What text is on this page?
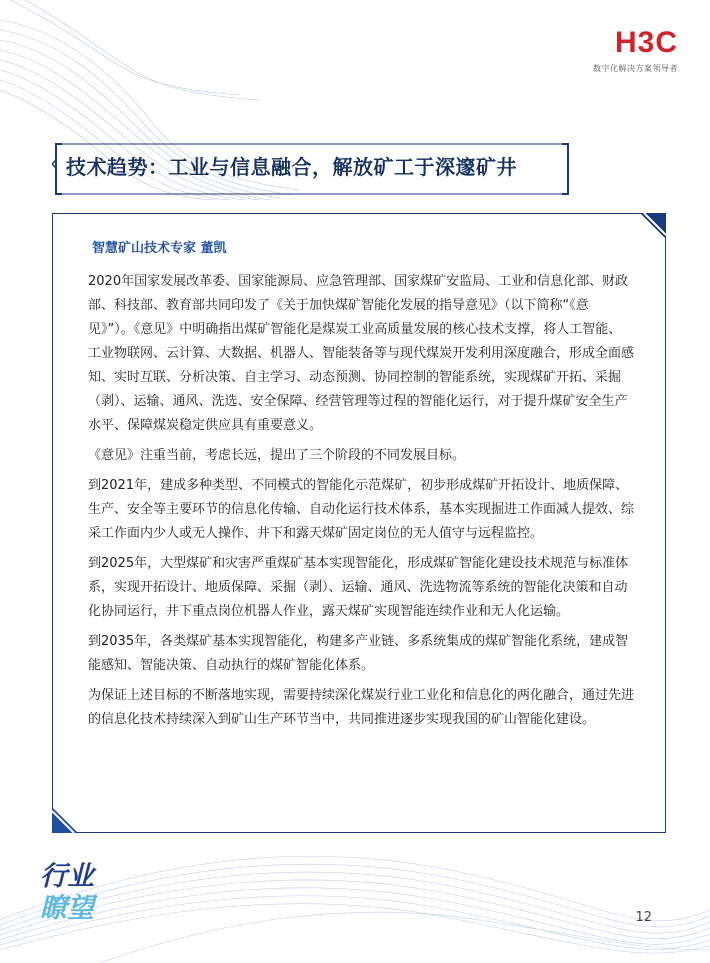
H3C
数字化解决方案领导者
技术趋势：工业与信息融合，解放矿工于深邃矿井
智慧矿山技术专家 董凯

2020年国家发展改革委、国家能源局、应急管理部、国家煤矿安监局、工业和信息化部、财政部、科技部、教育部共同印发了《关于加快煤矿智能化发展的指导意见》（以下简称“《意见》”）。《意见》中明确指出煤矿智能化是煤炭工业高质量发展的核心技术支撑，将人工智能、工业物联网、云计算、大数据、机器人、智能装备等与现代煤炭开发利用深度融合，形成全面感知、实时互联、分析决策、自主学习、动态预测、协同控制的智能系统，实现煤矿开拓、采掘（剥）、运输、通风、洗选、安全保障、经营管理等过程的智能化运行，对于提升煤矿安全生产水平、保障煤炭稳定供应具有重要意义。

《意见》注重当前，考虑长远，提出了三个阶段的不同发展目标。

到2021年，建成多种类型、不同模式的智能化示范煤矿，初步形成煤矿开拓设计、地质保障、生产、安全等主要环节的信息化传输、自动化运行技术体系，基本实现掘进工作面减人提效、综采工作面内少人或无人操作、井下和露天煤矿固定岗位的无人值守与远程监控。

到2025年，大型煤矿和灾害严重煤矿基本实现智能化，形成煤矿智能化建设技术规范与标准体系，实现开拓设计、地质保障、采掘（剥）、运输、通风、洗选物流等系统的智能化决策和自动化协同运行，井下重点岗位机器人作业，露天煤矿实现智能连续作业和无人化运输。

到2035年，各类煤矿基本实现智能化，构建多产业链、多系统集成的煤矿智能化系统，建成智能感知、智能决策、自动执行的煤矿智能化体系。

为保证上述目标的不断落地实现，需要持续深化煤炭行业工业化和信息化的两化融合，通过先进的信息化技术持续深入到矿山生产环节当中，共同推进逐步实现我国的矿山智能化建设。

行业
瞭望	12
